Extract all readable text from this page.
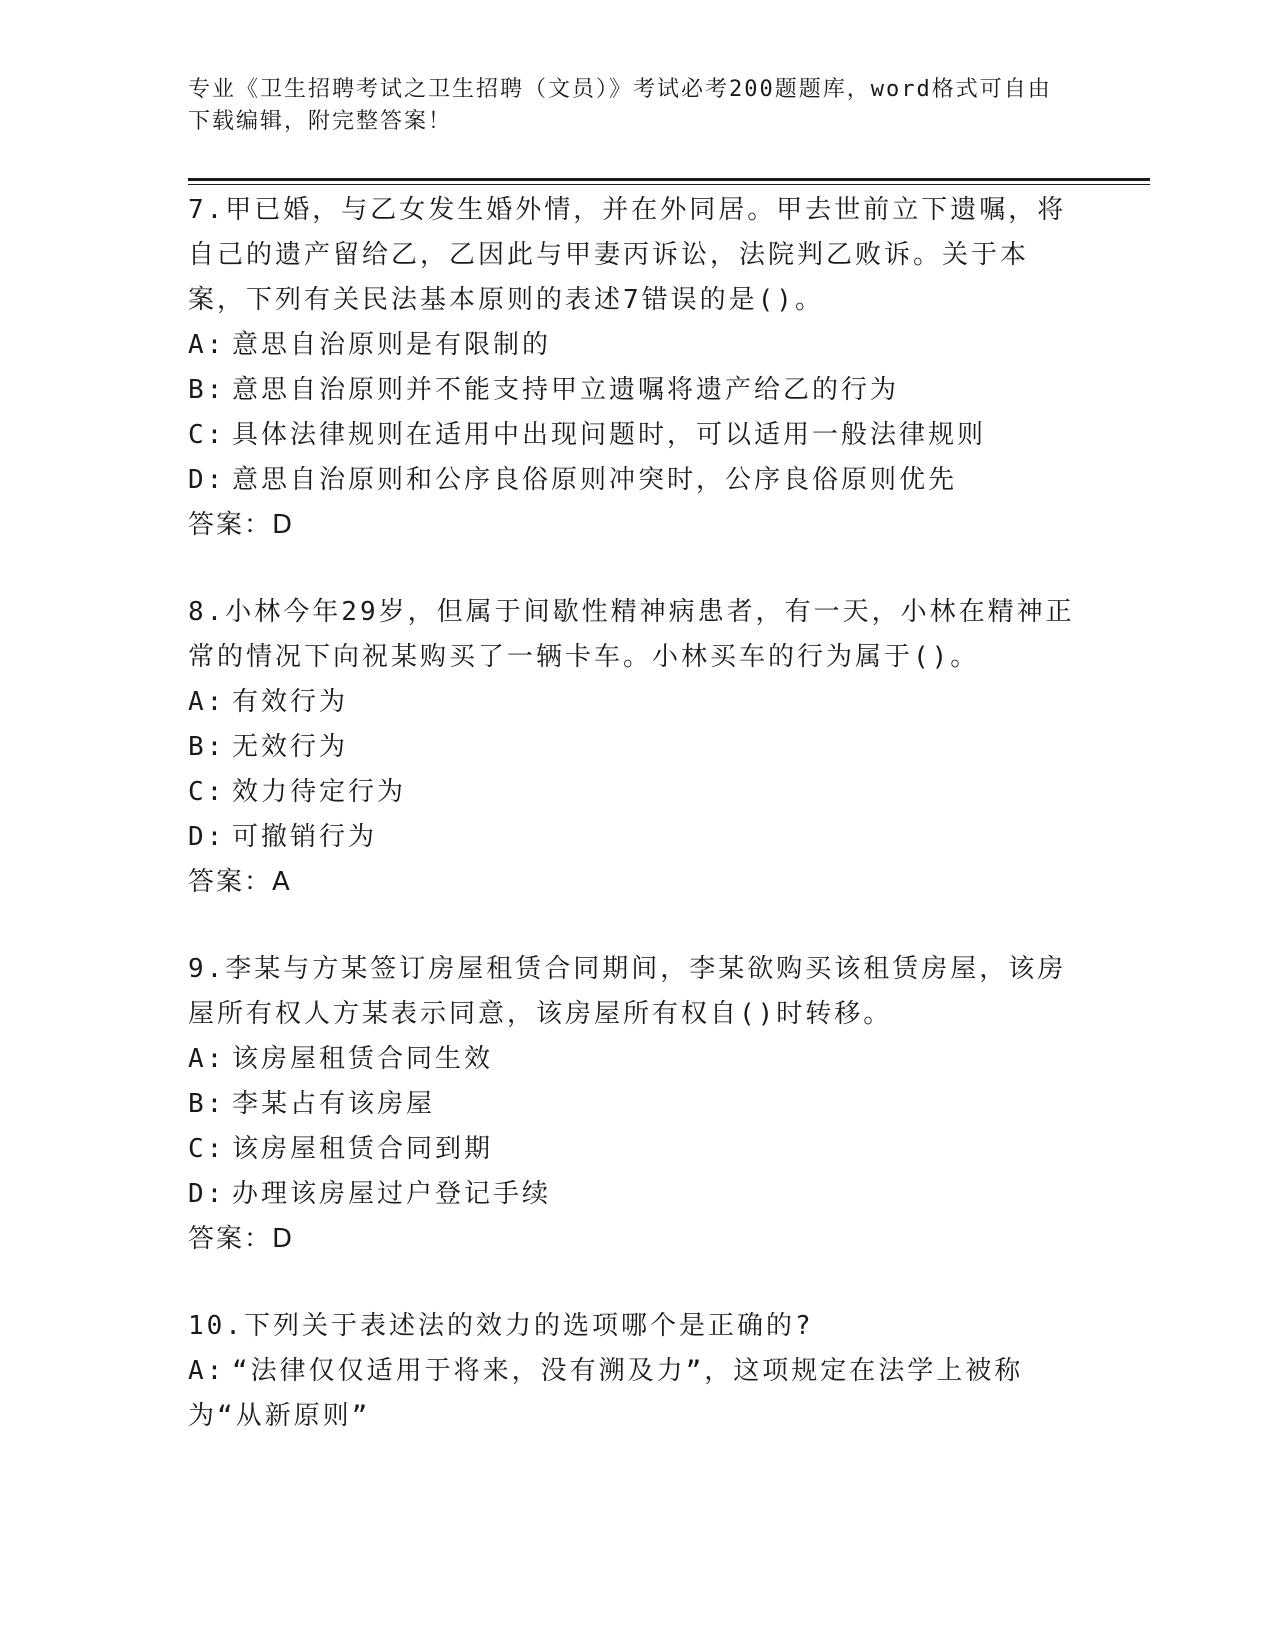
专业《卫生招聘考试之卫生招聘（文员）》考试必考200题题库，word格式可自由下载编辑，附完整答案！

7.甲已婚，与乙女发生婚外情，并在外同居。甲去世前立下遗嘱，将自己的遗产留给乙，乙因此与甲妻丙诉讼，法院判乙败诉。关于本案，下列有关民法基本原则的表述7错误的是()。

A: 意思自治原则是有限制的
B: 意思自治原则并不能支持甲立遗嘱将遗产给乙的行为
C: 具体法律规则在适用中出现问题时，可以适用一般法律规则
D: 意思自治原则和公序良俗原则冲突时，公序良俗原则优先
答案：D

8.小林今年29岁，但属于间歇性精神病患者，有一天，小林在精神正常的情况下向祝某购买了一辆卡车。小林买车的行为属于()。

A: 有效行为
B: 无效行为
C: 效力待定行为
D: 可撤销行为
答案：A

9.李某与方某签订房屋租赁合同期间，李某欲购买该租赁房屋，该房屋所有权人方某表示同意，该房屋所有权自()时转移。

A: 该房屋租赁合同生效
B: 李某占有该房屋
C: 该房屋租赁合同到期
D: 办理该房屋过户登记手续
答案：D

10.下列关于表述法的效力的选项哪个是正确的?

A: “法律仅仅适用于将来，没有溯及力”，这项规定在法学上被称为“从新原则”
